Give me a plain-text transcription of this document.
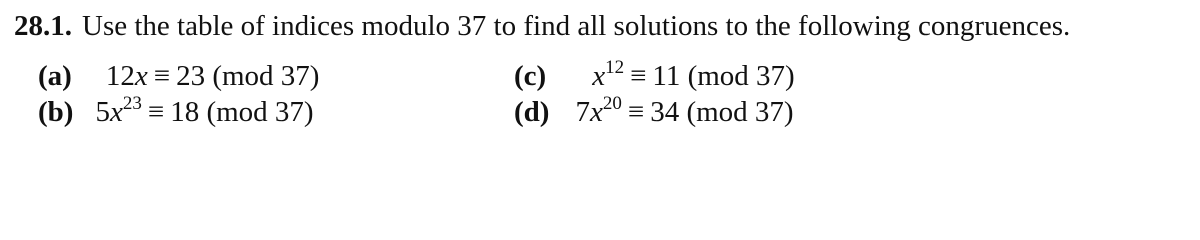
28.1. Use the table of indices modulo 37 to find all solutions to the following congruences.
(a) 12x ≡ 23 (mod 37)
(b) $5x^{23} \equiv 18$ (mod 37)
(c) $x^{12} \equiv 11$ (mod 37)
(d) $7x^{20} \equiv 34$ (mod 37)
